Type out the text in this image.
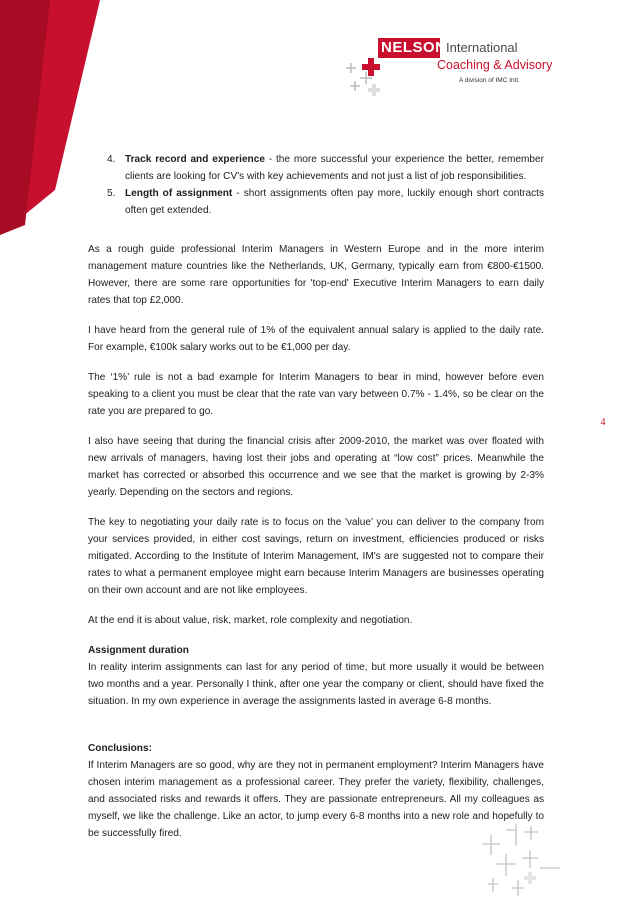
NELSON International
Coaching & Advisory
A division of IMC Intl.
4
4. Track record and experience - the more successful your experience the better, remember clients are looking for CV's with key achievements and not just a list of job responsibilities.
5. Length of assignment - short assignments often pay more, luckily enough short contracts often get extended.

As a rough guide professional Interim Managers in Western Europe and in the more interim management mature countries like the Netherlands, UK, Germany, typically earn from €800-€1500. However, there are some rare opportunities for 'top-end' Executive Interim Managers to earn daily rates that top £2,000.

I have heard from the general rule of 1% of the equivalent annual salary is applied to the daily rate. For example, €100k salary works out to be €1,000 per day.

The ‘1%’ rule is not a bad example for Interim Managers to bear in mind, however before even speaking to a client you must be clear that the rate van vary between 0.7% - 1.4%, so be clear on the rate you are prepared to go.

I also have seeing that during the financial crisis after 2009-2010, the market was over floated with new arrivals of managers, having lost their jobs and operating at “low cost” prices. Meanwhile the market has corrected or absorbed this occurrence and we see that the market is growing by 2-3% yearly. Depending on the sectors and regions.

The key to negotiating your daily rate is to focus on the 'value' you can deliver to the company from your services provided, in either cost savings, return on investment, efficiencies produced or risks mitigated. According to the Institute of Interim Management, IM's are suggested not to compare their rates to what a permanent employee might earn because Interim Managers are businesses operating on their own account and are not like employees.

At the end it is about value, risk, market, role complexity and negotiation.

Assignment duration

In reality interim assignments can last for any period of time, but more usually it would be between two months and a year. Personally I think, after one year the company or client, should have fixed the situation. In my own experience in average the assignments lasted in average 6-8 months.

Conclusions:

If Interim Managers are so good, why are they not in permanent employment? Interim Managers have chosen interim management as a professional career. They prefer the variety, flexibility, challenges, and associated risks and rewards it offers. They are passionate entrepreneurs. All my colleagues as myself, we like the challenge. Like an actor, to jump every 6-8 months into a new role and hopefully to be successfully fired.
